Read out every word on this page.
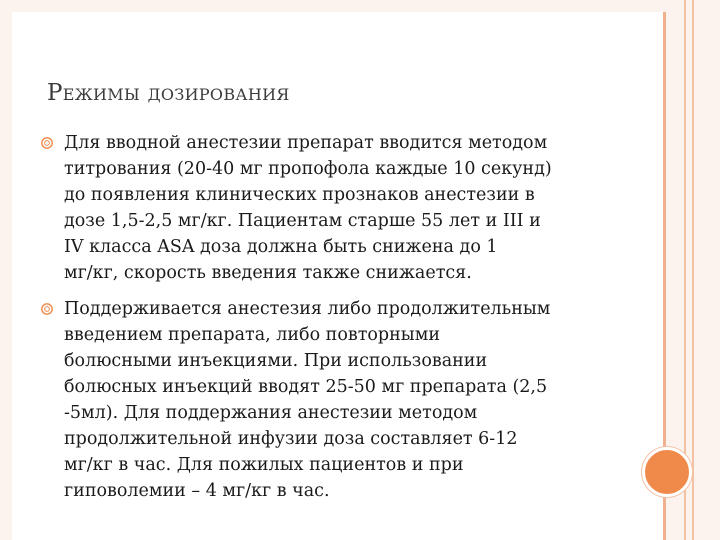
Режимы дозирования
Для вводной анестезии препарат вводится методом
титрования (20-40 мг пропофола каждые 10 секунд)
до появления клинических прознаков анестезии в
дозе 1,5-2,5 мг/кг. Пациентам старше 55 лет и III и
IV класса ASA доза должна быть снижена до 1
мг/кг, скорость введения также снижается.
Поддерживается анестезия либо продолжительным
введением препарата, либо повторными
болюсными инъекциями. При использовании
болюсных инъекций вводят 25-50 мг препарата (2,5
-5мл). Для поддержания анестезии методом
продолжительной инфузии доза составляет 6-12
мг/кг в час. Для пожилых пациентов и при
гиповолемии – 4 мг/кг в час.
